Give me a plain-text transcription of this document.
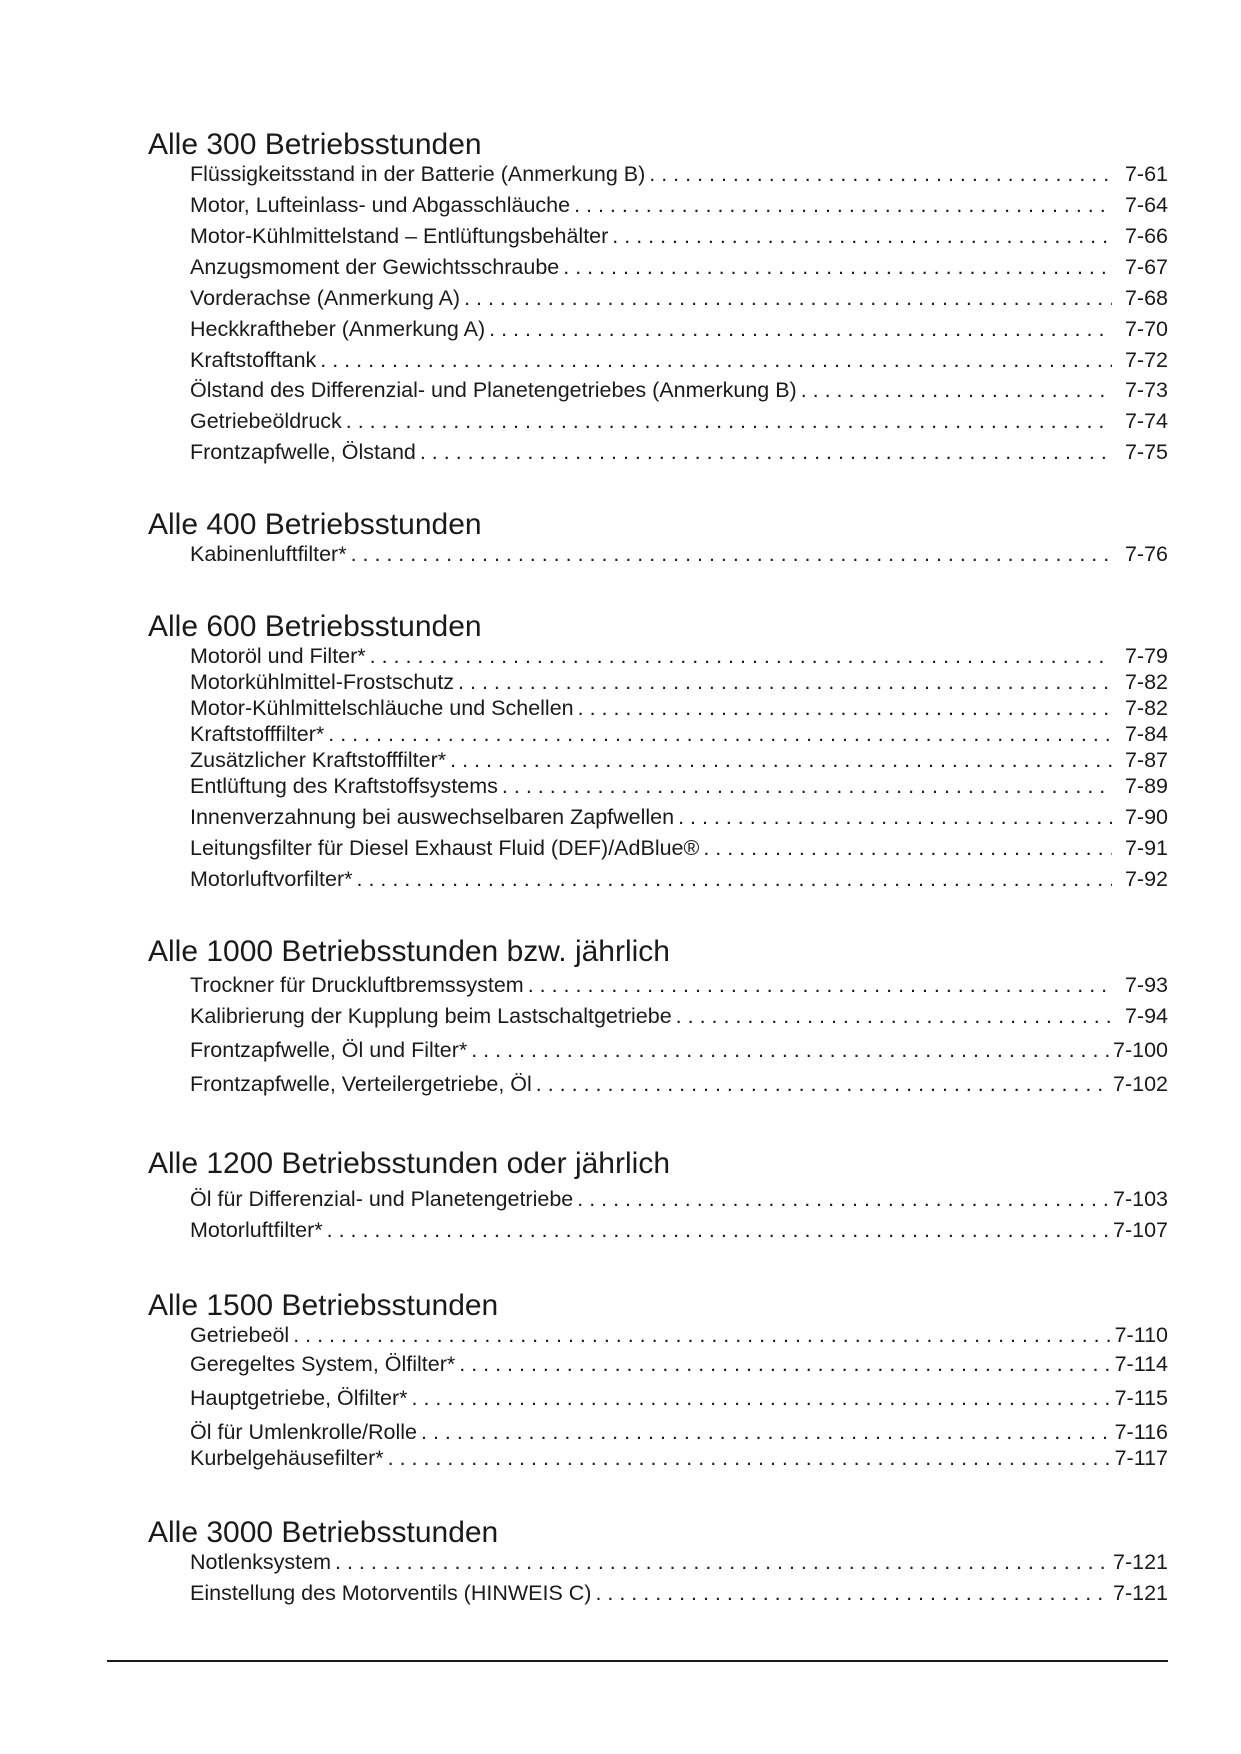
Alle 300 Betriebsstunden
Flüssigkeitsstand in der Batterie (Anmerkung B) . . .	7-61
Motor, Lufteinlass- und Abgasschläuche . . .	7-64
Motor-Kühlmittelstand – Entlüftungsbehälter . . .	7-66
Anzugsmoment der Gewichtsschraube . . .	7-67
Vorderachse (Anmerkung A) . . .	7-68
Heckkraftheber (Anmerkung A) . . .	7-70
Kraftstofftank . . .	7-72
Ölstand des Differenzial- und Planetengetriebes (Anmerkung B) . . .	7-73
Getriebeöldruck . . .	7-74
Frontzapfwelle, Ölstand . . .	7-75
Alle 400 Betriebsstunden
Kabinenluftfilter* . . .	7-76
Alle 600 Betriebsstunden
Motoröl und Filter* . . .	7-79
Motorkühlmittel-Frostschutz . . .	7-82
Motor-Kühlmittelschläuche und Schellen . . .	7-82
Kraftstofffilter* . . .	7-84
Zusätzlicher Kraftstofffilter* . . .	7-87
Entlüftung des Kraftstoffsystems . . .	7-89
Innenverzahnung bei auswechselbaren Zapfwellen . . .	7-90
Leitungsfilter für Diesel Exhaust Fluid (DEF)/AdBlue® . . .	7-91
Motorluftvorfilter* . . .	7-92
Alle 1000 Betriebsstunden bzw. jährlich
Trockner für Druckluftbremssystem . . .	7-93
Kalibrierung der Kupplung beim Lastschaltgetriebe . . .	7-94
Frontzapfwelle, Öl und Filter* . . .	7-100
Frontzapfwelle, Verteilergetriebe, Öl . . .	7-102
Alle 1200 Betriebsstunden oder jährlich
Öl für Differenzial- und Planetengetriebe . . .	7-103
Motorluftfilter* . . .	7-107
Alle 1500 Betriebsstunden
Getriebeöl . . .	7-110
Geregeltes System, Ölfilter* . . .	7-114
Hauptgetriebe, Ölfilter* . . .	7-115
Öl für Umlenkrolle/Rolle . . .	7-116
Kurbelgehäusefilter* . . .	7-117
Alle 3000 Betriebsstunden
Notlenksystem . . .	7-121
Einstellung des Motorventils (HINWEIS C) . . .	7-121
